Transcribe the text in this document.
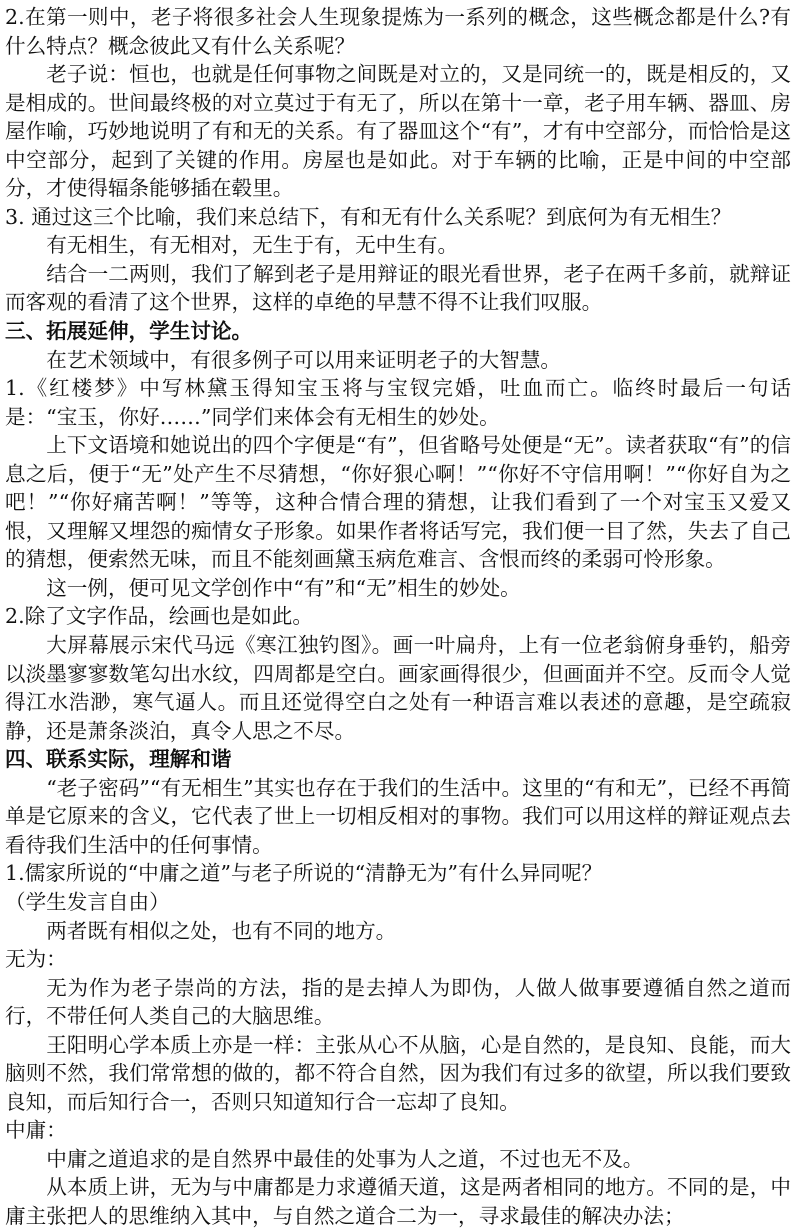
2.在第一则中，老子将很多社会人生现象提炼为一系列的概念，这些概念都是什么?有什么特点？概念彼此又有什么关系呢？

老子说：恒也，也就是任何事物之间既是对立的，又是同统一的，既是相反的，又是相成的。世间最终极的对立莫过于有无了，所以在第十一章，老子用车辆、器皿、房屋作喻，巧妙地说明了有和无的关系。有了器皿这个“有”，才有中空部分，而恰恰是这中空部分，起到了关键的作用。房屋也是如此。对于车辆的比喻，正是中间的中空部分，才使得辐条能够插在毂里。

3. 通过这三个比喻，我们来总结下，有和无有什么关系呢？到底何为有无相生？

有无相生，有无相对，无生于有，无中生有。

结合一二两则，我们了解到老子是用辩证的眼光看世界，老子在两千多前，就辩证而客观的看清了这个世界，这样的卓绝的早慧不得不让我们叹服。

三、拓展延伸，学生讨论。

在艺术领域中，有很多例子可以用来证明老子的大智慧。

1.《红楼梦》中写林黛玉得知宝玉将与宝钗完婚，吐血而亡。临终时最后一句话是：“宝玉，你好……”同学们来体会有无相生的妙处。

上下文语境和她说出的四个字便是“有”，但省略号处便是“无”。读者获取“有”的信息之后，便于“无”处产生不尽猜想，“你好狠心啊！”“你好不守信用啊！”“你好自为之吧！”“你好痛苦啊！”等等，这种合情合理的猜想，让我们看到了一个对宝玉又爱又恨，又理解又埋怨的痴情女子形象。如果作者将话写完，我们便一目了然，失去了自己的猜想，便索然无味，而且不能刻画黛玉病危难言、含恨而终的柔弱可怜形象。

这一例，便可见文学创作中“有”和“无”相生的妙处。

2.除了文字作品，绘画也是如此。

大屏幕展示宋代马远《寒江独钓图》。画一叶扁舟，上有一位老翁俯身垂钓，船旁以淡墨寥寥数笔勾出水纹，四周都是空白。画家画得很少，但画面并不空。反而令人觉得江水浩渺，寒气逼人。而且还觉得空白之处有一种语言难以表述的意趣，是空疏寂静，还是萧条淡泊，真令人思之不尽。

四、联系实际，理解和谐

“老子密码”“有无相生”其实也存在于我们的生活中。这里的“有和无”，已经不再简单是它原来的含义，它代表了世上一切相反相对的事物。我们可以用这样的辩证观点去看待我们生活中的任何事情。

1.儒家所说的“中庸之道”与老子所说的“清静无为”有什么异同呢？

（学生发言自由）

两者既有相似之处，也有不同的地方。

无为：

无为作为老子崇尚的方法，指的是去掉人为即伪，人做人做事要遵循自然之道而行，不带任何人类自己的大脑思维。

王阳明心学本质上亦是一样：主张从心不从脑，心是自然的，是良知、良能，而大脑则不然，我们常常想的做的，都不符合自然，因为我们有过多的欲望，所以我们要致良知，而后知行合一，否则只知道知行合一忘却了良知。

中庸：

中庸之道追求的是自然界中最佳的处事为人之道，不过也无不及。

从本质上讲，无为与中庸都是力求遵循天道，这是两者相同的地方。不同的是，中庸主张把人的思维纳入其中，与自然之道合二为一，寻求最佳的解决办法；
